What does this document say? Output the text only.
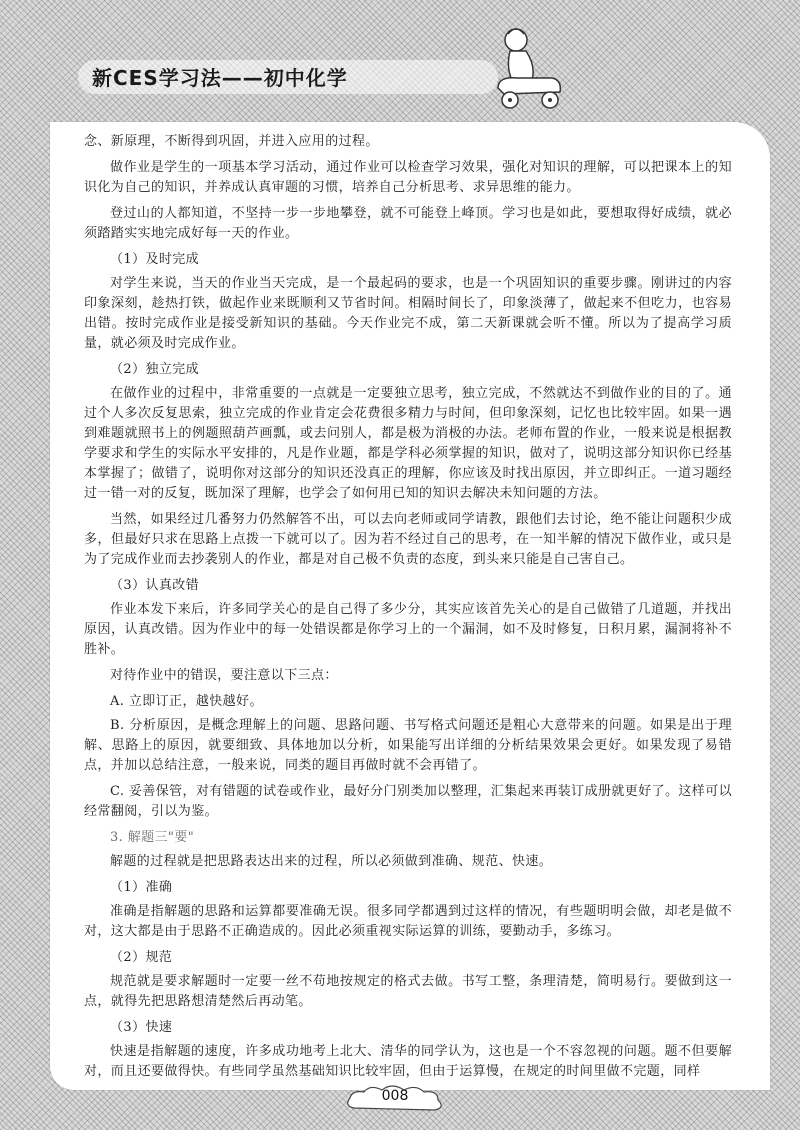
新CES学习法——初中化学

念、新原理，不断得到巩固，并进入应用的过程。

做作业是学生的一项基本学习活动，通过作业可以检查学习效果，强化对知识的理解，可以把课本上的知识化为自己的知识，并养成认真审题的习惯，培养自己分析思考、求异思维的能力。

登过山的人都知道，不坚持一步一步地攀登，就不可能登上峰顶。学习也是如此，要想取得好成绩，就必须踏踏实实地完成好每一天的作业。

（1）及时完成

对学生来说，当天的作业当天完成，是一个最起码的要求，也是一个巩固知识的重要步骤。刚讲过的内容印象深刻，趁热打铁，做起作业来既顺利又节省时间。相隔时间长了，印象淡薄了，做起来不但吃力，也容易出错。按时完成作业是接受新知识的基础。今天作业完不成，第二天新课就会听不懂。所以为了提高学习质量，就必须及时完成作业。

（2）独立完成

在做作业的过程中，非常重要的一点就是一定要独立思考，独立完成，不然就达不到做作业的目的了。通过个人多次反复思索，独立完成的作业肯定会花费很多精力与时间，但印象深刻，记忆也比较牢固。如果一遇到难题就照书上的例题照葫芦画瓢，或去问别人，都是极为消极的办法。老师布置的作业，一般来说是根据教学要求和学生的实际水平安排的，凡是作业题，都是学科必须掌握的知识，做对了，说明这部分知识你已经基本掌握了；做错了，说明你对这部分的知识还没真正的理解，你应该及时找出原因，并立即纠正。一道习题经过一错一对的反复，既加深了理解，也学会了如何用已知的知识去解决未知问题的方法。

当然，如果经过几番努力仍然解答不出，可以去向老师或同学请教，跟他们去讨论，绝不能让问题积少成多，但最好只求在思路上点拨一下就可以了。因为若不经过自己的思考，在一知半解的情况下做作业，或只是为了完成作业而去抄袭别人的作业，都是对自己极不负责的态度，到头来只能是自己害自己。

（3）认真改错

作业本发下来后，许多同学关心的是自己得了多少分，其实应该首先关心的是自己做错了几道题，并找出原因，认真改错。因为作业中的每一处错误都是你学习上的一个漏洞，如不及时修复，日积月累，漏洞将补不胜补。

对待作业中的错误，要注意以下三点：

A. 立即订正，越快越好。

B. 分析原因，是概念理解上的问题、思路问题、书写格式问题还是粗心大意带来的问题。如果是出于理解、思路上的原因，就要细致、具体地加以分析，如果能写出详细的分析结果效果会更好。如果发现了易错点，并加以总结注意，一般来说，同类的题目再做时就不会再错了。

C. 妥善保管，对有错题的试卷或作业，最好分门别类加以整理，汇集起来再装订成册就更好了。这样可以经常翻阅，引以为鉴。

3. 解题三"要"

解题的过程就是把思路表达出来的过程，所以必须做到准确、规范、快速。

（1）准确

准确是指解题的思路和运算都要准确无误。很多同学都遇到过这样的情况，有些题明明会做，却老是做不对，这大都是由于思路不正确造成的。因此必须重视实际运算的训练，要勤动手，多练习。

（2）规范

规范就是要求解题时一定要一丝不苟地按规定的格式去做。书写工整，条理清楚，简明易行。要做到这一点，就得先把思路想清楚然后再动笔。

（3）快速

快速是指解题的速度，许多成功地考上北大、清华的同学认为，这也是一个不容忽视的问题。题不但要解对，而且还要做得快。有些同学虽然基础知识比较牢固，但由于运算慢，在规定的时间里做不完题，同样

008
